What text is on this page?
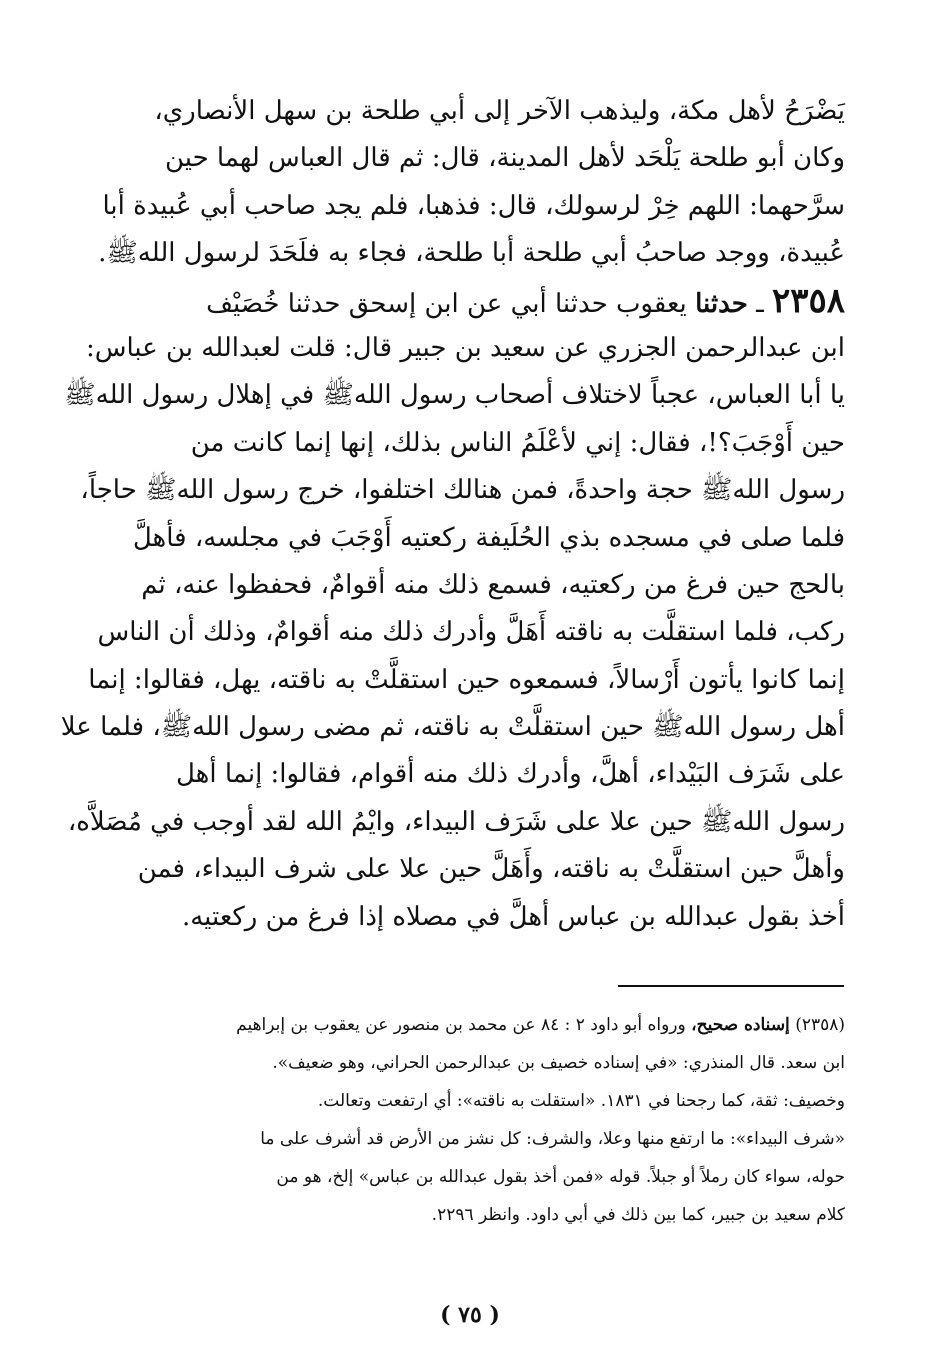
يَضْرَحُ لأهل مكة، وليذهب الآخر إلى أبي طلحة بن سهل الأنصاري،
وكان أبو طلحة يَلْحَد لأهل المدينة، قال: ثم قال العباس لهما حين
سرَّحهما: اللهم خِرْ لرسولك، قال: فذهبا، فلم يجد صاحب أبي عُبيدة أبا
عُبيدة، ووجد صاحبُ أبي طلحة أبا طلحة، فجاء به فلَحَدَ لرسول اللهﷺ.
٢٣٥٨ ـ حدثنا يعقوب حدثنا أبي عن ابن إسحق حدثنا خُصَيْف
ابن عبدالرحمن الجزري عن سعيد بن جبير قال: قلت لعبدالله بن عباس:
يا أبا العباس، عجباً لاختلاف أصحاب رسول اللهﷺ في إهلال رسول اللهﷺ
حين أَوْجَبَ؟!، فقال: إني لأعْلَمُ الناس بذلك، إنها إنما كانت من
رسول اللهﷺ حجة واحدةً، فمن هنالك اختلفوا، خرج رسول اللهﷺ حاجاً،
فلما صلى في مسجده بذي الحُلَيفة ركعتيه أَوْجَبَ في مجلسه، فأهلَّ
بالحج حين فرغ من ركعتيه، فسمع ذلك منه أقوامٌ، فحفظوا عنه، ثم
ركب، فلما استقلَّت به ناقته أَهَلَّ وأدرك ذلك منه أقوامٌ، وذلك أن الناس
إنما كانوا يأتون أَرْسالاً، فسمعوه حين استقلَّتْ به ناقته، يهل، فقالوا: إنما
أهل رسول اللهﷺ حين استقلَّتْ به ناقته، ثم مضى رسول اللهﷺ، فلما علا
على شَرَف البَيْداء، أهلَّ، وأدرك ذلك منه أقوام، فقالوا: إنما أهل
رسول اللهﷺ حين علا على شَرَف البيداء، وايْمُ الله لقد أوجب في مُصَلاَّه،
وأهلَّ حين استقلَّتْ به ناقته، وأَهَلَّ حين علا على شرف البيداء، فمن
أخذ بقول عبدالله بن عباس أهلَّ في مصلاه إذا فرغ من ركعتيه.
(٢٣٥٨) إسناده صحيح، ورواه أبو داود ٢ : ٨٤ عن محمد بن منصور عن يعقوب بن إبراهيم
ابن سعد. قال المنذري: «في إسناده خصيف بن عبدالرحمن الحراني، وهو ضعيف».
وخصيف: ثقة، كما رجحنا في ١٨٣١. «استقلت به ناقته»: أي ارتفعت وتعالت.
«شرف البيداء»: ما ارتفع منها وعلا، والشرف: كل نشز من الأرض قد أشرف على ما
حوله، سواء كان رملاً أو جبلاً. قوله «فمن أخذ بقول عبدالله بن عباس» إلخ، هو من
كلام سعيد بن جبير، كما بين ذلك في أبي داود. وانظر ٢٢٩٦.
( ٧٥ )
